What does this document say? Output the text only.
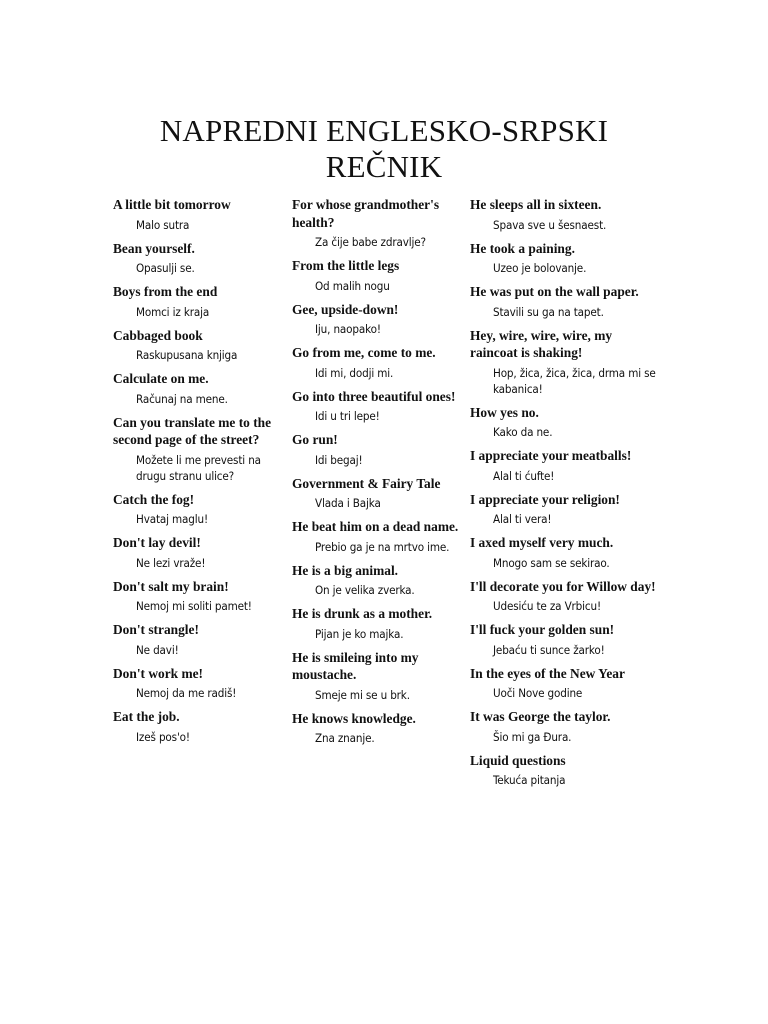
NAPREDNI ENGLESKO-SRPSKI
REČNIK
A little bit tomorrow
Malo sutra
Bean yourself.
Opasulji se.
Boys from the end
Momci iz kraja
Cabbaged book
Raskupusana knjiga
Calculate on me.
Računaj na mene.
Can you translate me to the second page of the street?
Možete li me prevesti na drugu stranu ulice?
Catch the fog!
Hvataj maglu!
Don't lay devil!
Ne lezi vraže!
Don't salt my brain!
Nemoj mi soliti pamet!
Don't strangle!
Ne davi!
Don't work me!
Nemoj da me radiš!
Eat the job.
Izeš pos'o!
For whose grandmother's health?
Za čije babe zdravlje?
From the little legs
Od malih nogu
Gee, upside-down!
Iju, naopako!
Go from me, come to me.
Idi mi, dodji mi.
Go into three beautiful ones!
Idi u tri lepe!
Go run!
Idi begaj!
Government & Fairy Tale
Vlada i Bajka
He beat him on a dead name.
Prebio ga je na mrtvo ime.
He is a big animal.
On je velika zverka.
He is drunk as a mother.
Pijan je ko majka.
He is smileing into my moustache.
Smeje mi se u brk.
He knows knowledge.
Zna znanje.
He sleeps all in sixteen.
Spava sve u šesnaest.
He took a paining.
Uzeo je bolovanje.
He was put on the wall paper.
Stavili su ga na tapet.
Hey, wire, wire, wire, my raincoat is shaking!
Hop, žica, žica, žica, drma mi se kabanica!
How yes no.
Kako da ne.
I appreciate your meatballs!
Alal ti ćufte!
I appreciate your religion!
Alal ti vera!
I axed myself very much.
Mnogo sam se sekirao.
I'll decorate you for Willow day!
Udesiću te za Vrbicu!
I'll fuck your golden sun!
Jebaću ti sunce žarko!
In the eyes of the New Year
Uoči Nove godine
It was George the taylor.
Šio mi ga Đura.
Liquid questions
Tekuća pitanja
